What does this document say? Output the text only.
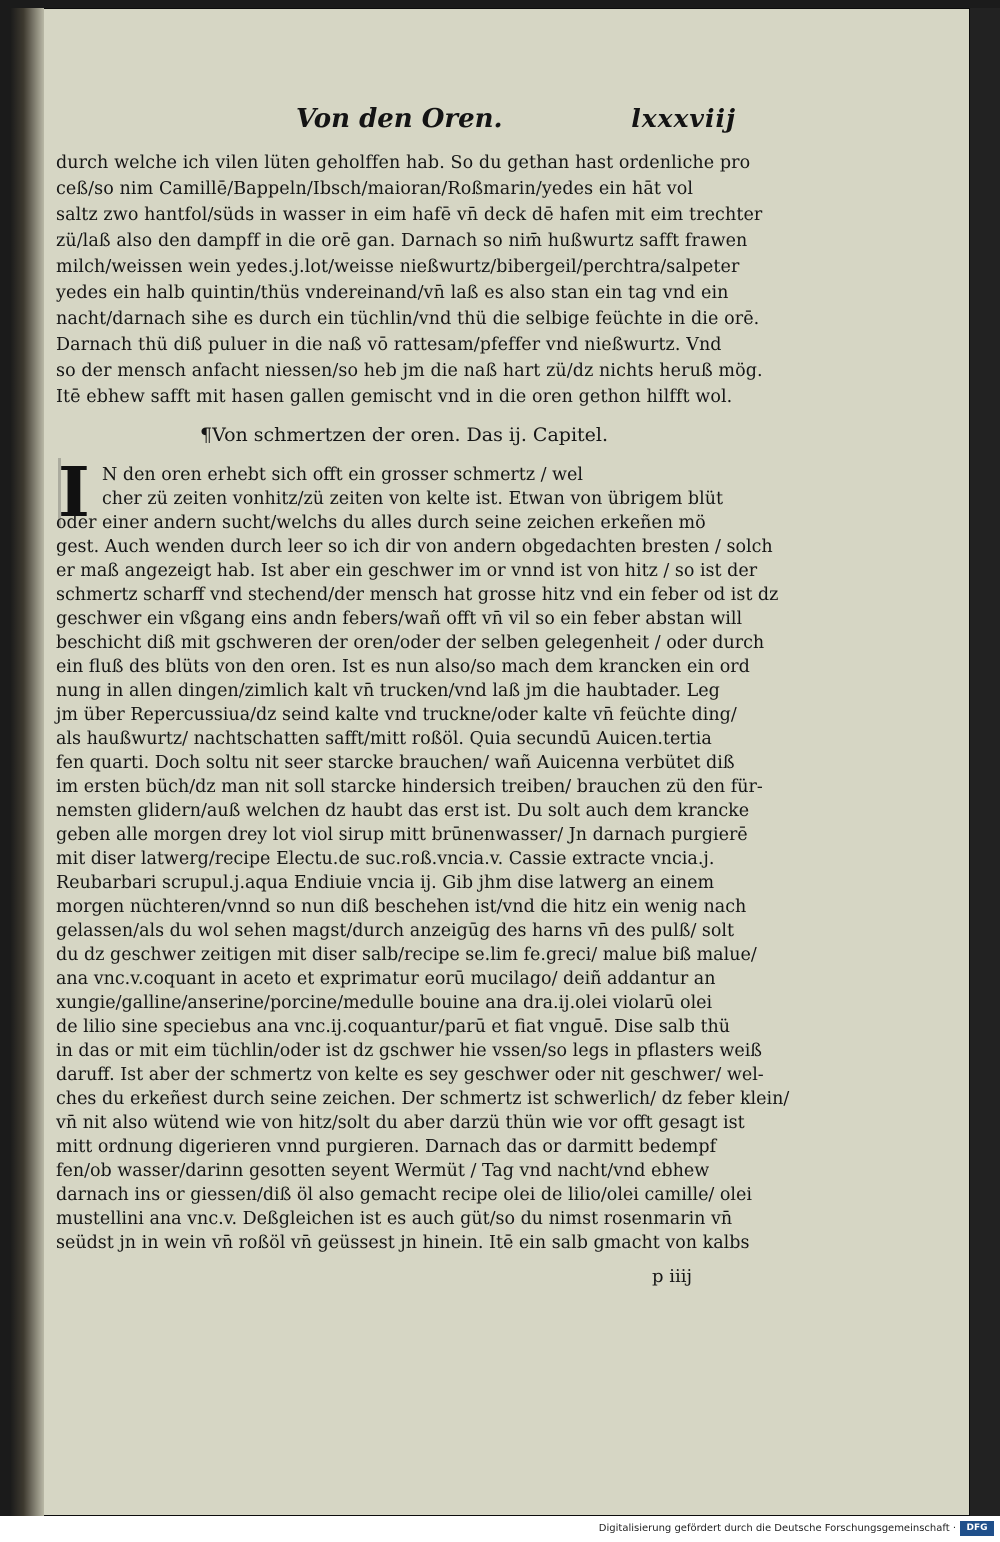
Von den Oren.	lxxxviij
durch welche ich vilen lüten geholffen hab. So du gethan hast ordenliche pro
ceß/so nim Camillē/Bappeln/Ibsch/maioran/Roßmarin/yedes ein hāt vol
saltz zwo hantfol/süds in wasser in eim hafē vn̄ deck dē hafen mit eim trechter
zü/laß also den dampff in die orē gan. Darnach so nim̄ hußwurtz safft frawen
milch/weissen wein yedes.j.lot/weisse nießwurtz/bibergeil/perchtra/salpeter
yedes ein halb quintin/thüs vndereinand/vn̄ laß es also stan ein tag vnd ein
nacht/darnach sihe es durch ein tüchlin/vnd thü die selbige feüchte in die orē.
Darnach thü diß puluer in die naß vō rattesam/pfeffer vnd nießwurtz. Vnd
so der mensch anfacht niessen/so heb jm die naß hart zü/dz nichts heruß mög.
Itē ebhew safft mit hasen gallen gemischt vnd in die oren gethon hilfft wol.
¶Von schmertzen der oren. Das ij. Capitel.
I N den oren erhebt sich offt ein grosser schmertz / wel
cher zü zeiten vonhitz/zü zeiten von kelte ist. Etwan von übrigem blüt
oder einer andern sucht/welchs du alles durch seine zeichen erkeñen mö
gest. Auch wenden durch leer so ich dir von andern obgedachten bresten / solch
er maß angezeigt hab. Ist aber ein geschwer im or vnnd ist von hitz / so ist der
schmertz scharff vnd stechend/der mensch hat grosse hitz vnd ein feber od ist dz
geschwer ein vßgang eins andn febers/wañ offt vn̄ vil so ein feber abstan will
beschicht diß mit gschweren der oren/oder der selben gelegenheit / oder durch
ein fluß des blüts von den oren. Ist es nun also/so mach dem krancken ein ord
nung in allen dingen/zimlich kalt vn̄ trucken/vnd laß jm die haubtader. Leg
jm über Repercussiua/dz seind kalte vnd truckne/oder kalte vn̄ feüchte ding/
als haußwurtz/ nachtschatten safft/mitt roßöl. Quia secundū Auicen.tertia
fen quarti. Doch soltu nit seer starcke brauchen/ wañ Auicenna verbütet diß
im ersten büch/dz man nit soll starcke hindersich treiben/ brauchen zü den für-
nemsten glidern/auß welchen dz haubt das erst ist. Du solt auch dem krancke
geben alle morgen drey lot viol sirup mitt brūnenwasser/ Jn darnach purgierē
mit diser latwerg/recipe Electu.de suc.roß.vncia.v. Cassie extracte vncia.j.
Reubarbari scrupul.j.aqua Endiuie vncia ij. Gib jhm dise latwerg an einem
morgen nüchteren/vnnd so nun diß beschehen ist/vnd die hitz ein wenig nach
gelassen/als du wol sehen magst/durch anzeigūg des harns vn̄ des pulß/ solt
du dz geschwer zeitigen mit diser salb/recipe se.lim fe.greci/ malue biß malue/
ana vnc.v.coquant in aceto et exprimatur eorū mucilago/ deiñ addantur an
xungie/galline/anserine/porcine/medulle bouine ana dra.ij.olei violarū olei
de lilio sine speciebus ana vnc.ij.coquantur/parū et fiat vnguē. Dise salb thü
in das or mit eim tüchlin/oder ist dz gschwer hie vssen/so legs in pflasters weiß
daruff. Ist aber der schmertz von kelte es sey geschwer oder nit geschwer/ wel-
ches du erkeñest durch seine zeichen. Der schmertz ist schwerlich/ dz feber klein/
vn̄ nit also wütend wie von hitz/solt du aber darzü thün wie vor offt gesagt ist
mitt ordnung digerieren vnnd purgieren. Darnach das or darmitt bedempf
fen/ob wasser/darinn gesotten seyent Wermüt / Tag vnd nacht/vnd ebhew
darnach ins or giessen/diß öl also gemacht recipe olei de lilio/olei camille/ olei
mustellini ana vnc.v. Deßgleichen ist es auch güt/so du nimst rosenmarin vn̄
seüdst jn in wein vn̄ roßöl vn̄ geüssest jn hinein. Itē ein salb gmacht von kalbs
p iiij
Digitalisierung gefördert durch die Deutsche Forschungsgemeinschaft ·	DFG
